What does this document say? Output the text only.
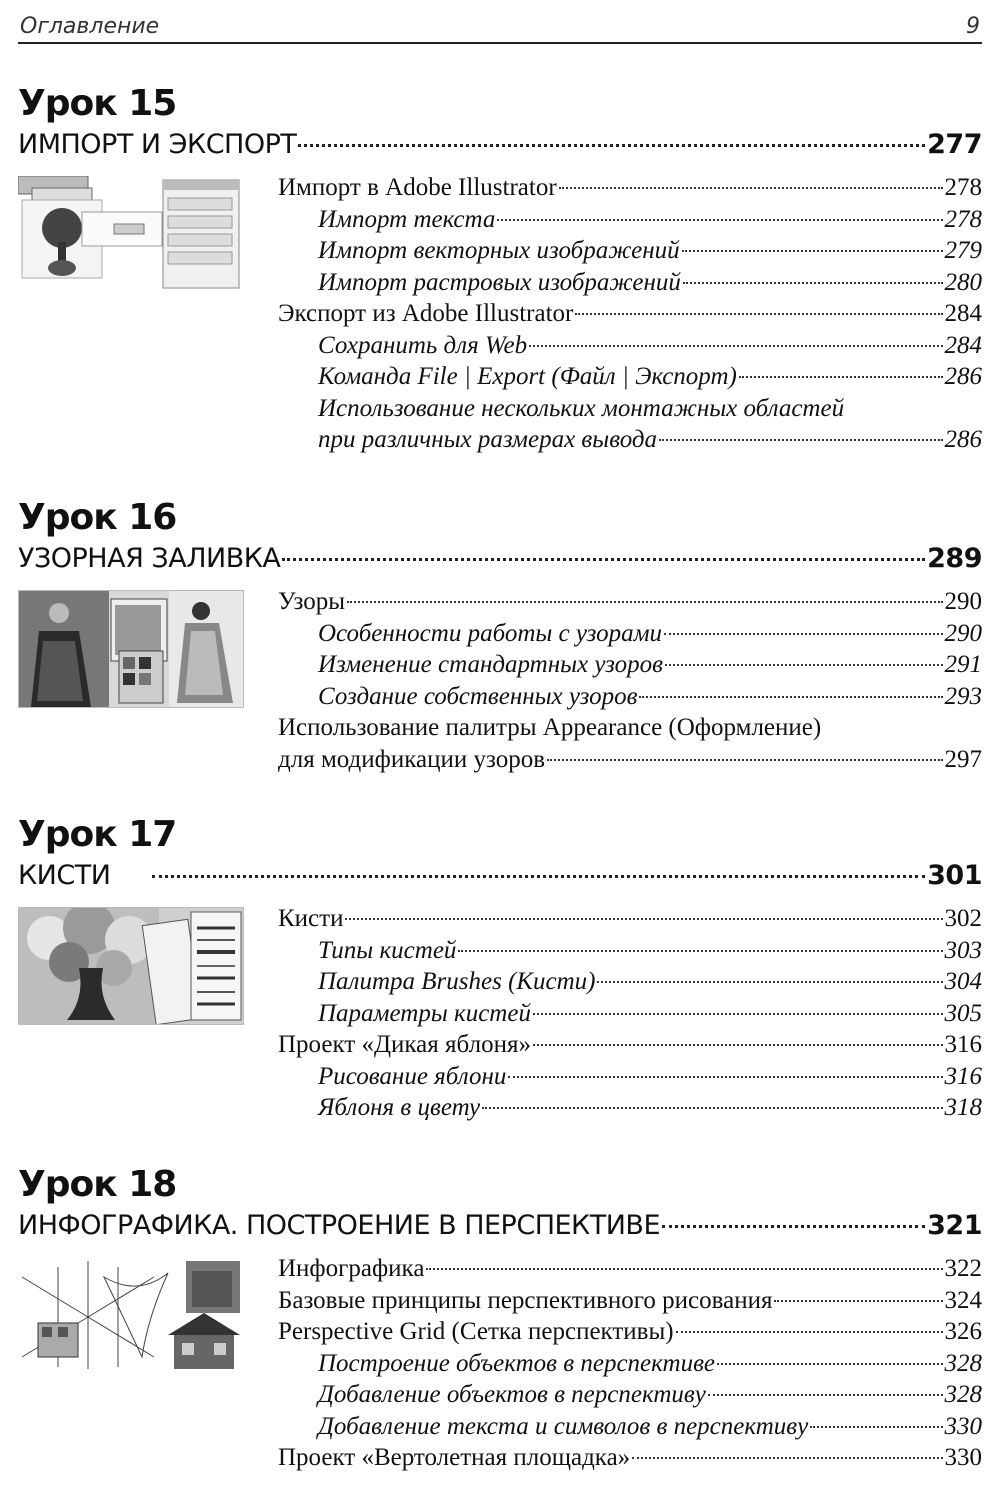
Оглавление	9
Урок 15
ИМПОРТ И ЭКСПОРТ	277
Импорт в Adobe Illustrator	278
Импорт текста	278
Импорт векторных изображений	279
Импорт растровых изображений	280
Экспорт из Adobe Illustrator	284
Сохранить для Web	284
Команда File | Export (Файл | Экспорт)	286
Использование нескольких монтажных областей
при различных размерах вывода	286
Урок 16
УЗОРНАЯ ЗАЛИВКА	289
Узоры	290
Особенности работы с узорами	290
Изменение стандартных узоров	291
Создание собственных узоров	293
Использование палитры Appearance (Оформление)
для модификации узоров	297
Урок 17
КИСТИ	301
Кисти	302
Типы кистей	303
Палитра Brushes (Кисти)	304
Параметры кистей	305
Проект «Дикая яблоня»	316
Рисование яблони	316
Яблоня в цвету	318
Урок 18
ИНФОГРАФИКА. ПОСТРОЕНИЕ В ПЕРСПЕКТИВЕ	321
Инфографика	322
Базовые принципы перспективного рисования	324
Perspective Grid (Сетка перспективы)	326
Построение объектов в перспективе	328
Добавление объектов в перспективу	328
Добавление текста и символов в перспективу	330
Проект «Вертолетная площадка»	330
